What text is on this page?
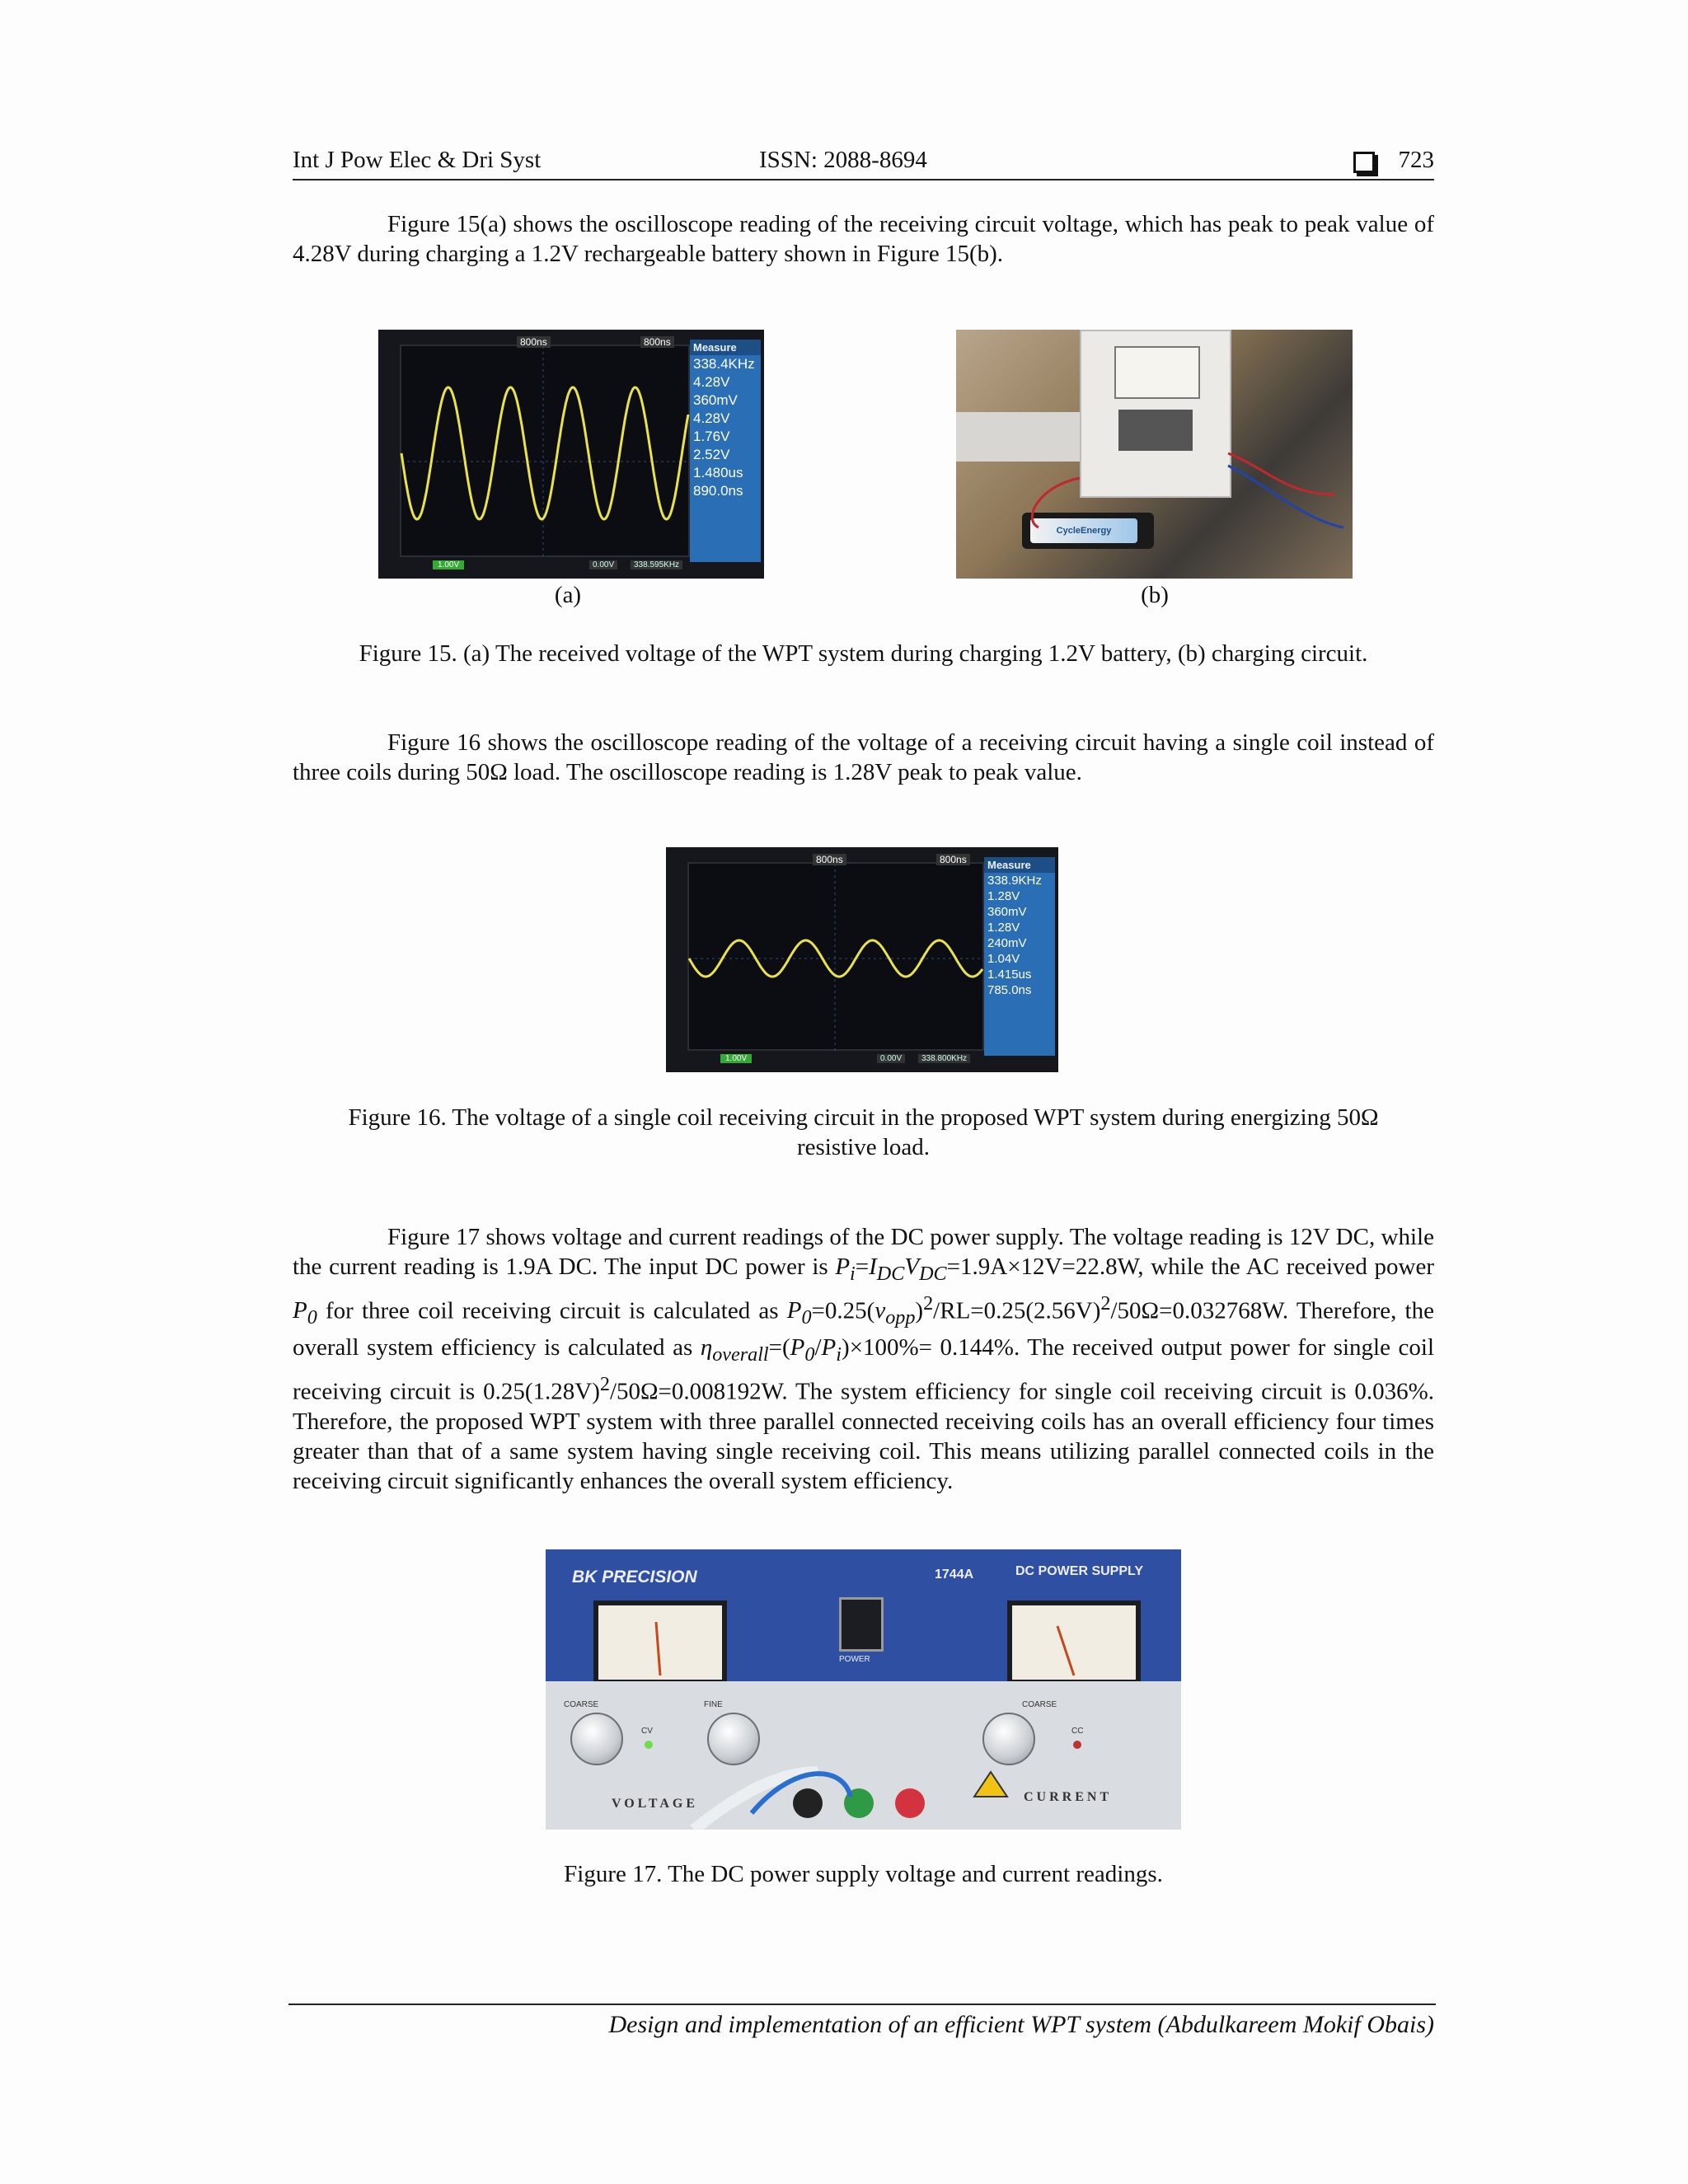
Int J Pow Elec & Dri Syst	ISSN: 2088-8694	723

Figure 15(a) shows the oscilloscope reading of the receiving circuit voltage, which has peak to peak value of 4.28V during charging a 1.2V rechargeable battery shown in Figure 15(b).

800ns	800ns	Measure
338.4KHz
4.28V
360mV
4.28V
1.76V
2.52V
1.480us
890.0ns
1.00V	0.00V	338.595KHz
CycleEnergy
(a)	(b)
Figure 15. (a) The received voltage of the WPT system during charging 1.2V battery, (b) charging circuit.

Figure 16 shows the oscilloscope reading of the voltage of a receiving circuit having a single coil instead of three coils during 50Ω load. The oscilloscope reading is 1.28V peak to peak value.

800ns	800ns	Measure
338.9KHz
1.28V
360mV
1.28V
240mV
1.04V
1.415us
785.0ns
1.00V	0.00V	338.800KHz
Figure 16. The voltage of a single coil receiving circuit in the proposed WPT system during energizing 50Ω
resistive load.

Figure 17 shows voltage and current readings of the DC power supply. The voltage reading is 12V DC, while the current reading is 1.9A DC. The input DC power is $P_i=I_{DC}V_{DC}=1.9A\times 12V=22.8W$, while the AC received power $P_0$ for three coil receiving circuit is calculated as $P_0=0.25(v_{opp})^2/RL=0.25(2.56V)^2/50\Omega=0.032768W$. Therefore, the overall system efficiency is calculated as $\eta_{overall}=(P_0/P_i)\times 100\%= 0.144\%$. The received output power for single coil receiving circuit is $0.25(1.28V)^2/50\Omega=0.008192W$. The system efficiency for single coil receiving circuit is 0.036%. Therefore, the proposed WPT system with three parallel connected receiving coils has an overall efficiency four times greater than that of a same system having single receiving coil. This means utilizing parallel connected coils in the receiving circuit significantly enhances the overall system efficiency.

BK PRECISION	1744A	DC POWER SUPPLY
POWER
COARSE	FINE
CV	CC
COARSE
VOLTAGE	CURRENT
Figure 17. The DC power supply voltage and current readings.
Design and implementation of an efficient WPT system (Abdulkareem Mokif Obais)
